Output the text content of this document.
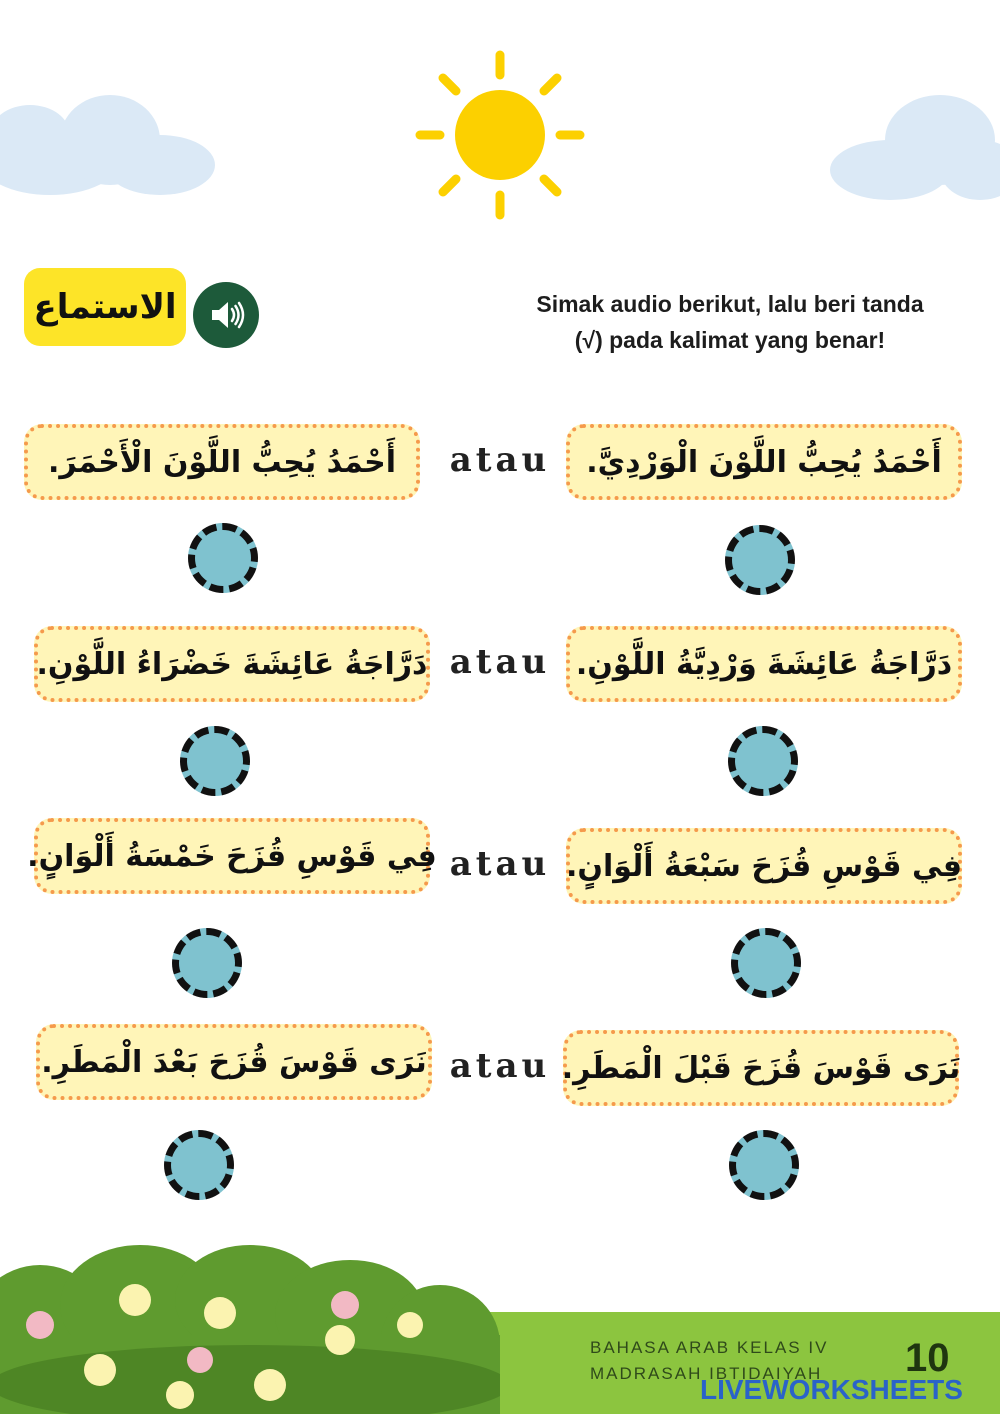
الاستماع	Simak audio berikut, lalu beri tanda
(√) pada kalimat yang benar!
أَحْمَدُ يُحِبُّ اللَّوْنَ الْوَرْدِيَّ.
atau
أَحْمَدُ يُحِبُّ اللَّوْنَ الْأَحْمَرَ.
دَرَّاجَةُ عَائِشَةَ وَرْدِيَّةُ اللَّوْنِ.
atau
دَرَّاجَةُ عَائِشَةَ خَضْرَاءُ اللَّوْنِ.
فِي قَوْسِ قُزَحَ سَبْعَةُ أَلْوَانٍ.
atau
فِي قَوْسِ قُزَحَ خَمْسَةُ أَلْوَانٍ.
نَرَى قَوْسَ قُزَحَ قَبْلَ الْمَطَرِ.
atau
نَرَى قَوْسَ قُزَحَ بَعْدَ الْمَطَرِ.
BAHASA ARAB KELAS IV
MADRASAH IBTIDAIYAH	10
LIVEWORKSHEETS
